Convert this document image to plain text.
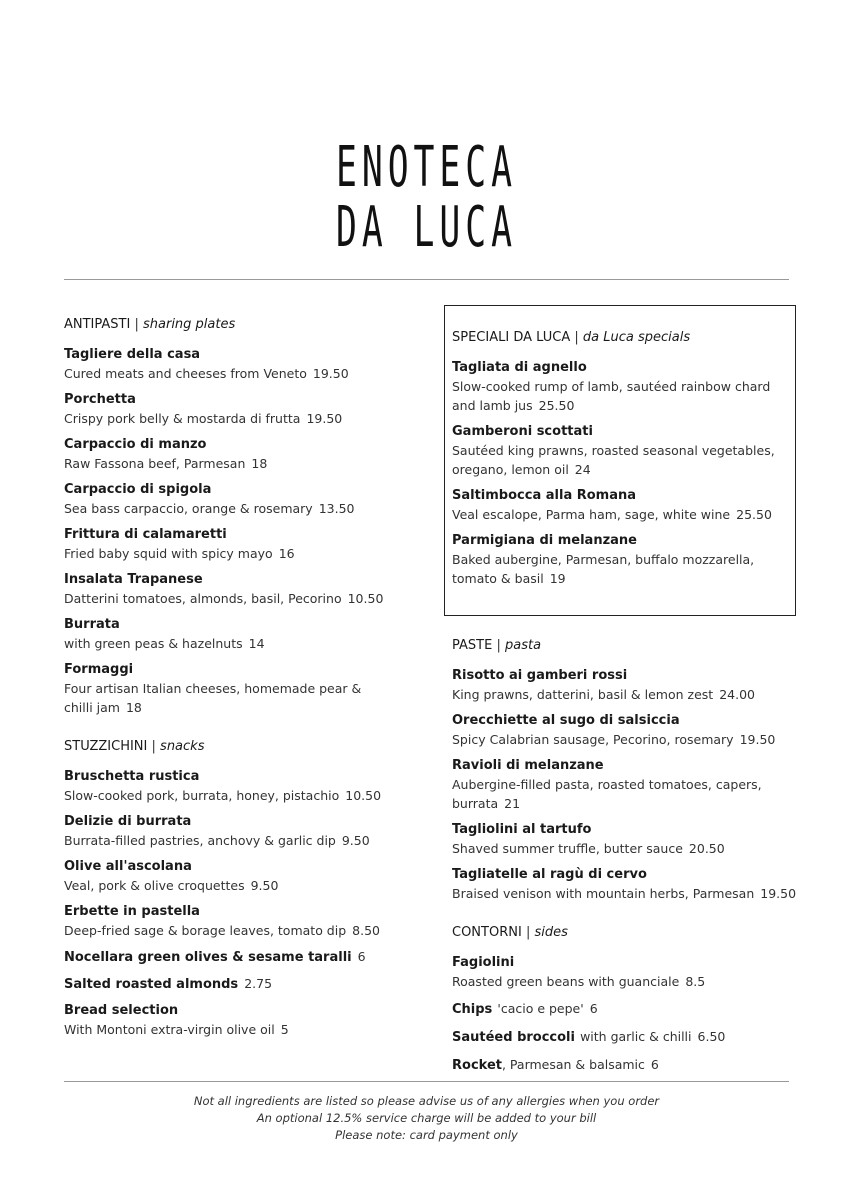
ENOTECA
DA LUCA
ANTIPASTI | sharing plates
Tagliere della casa
Cured meats and cheeses from Veneto 19.50
Porchetta
Crispy pork belly & mostarda di frutta 19.50
Carpaccio di manzo
Raw Fassona beef, Parmesan 18
Carpaccio di spigola
Sea bass carpaccio, orange & rosemary 13.50
Frittura di calamaretti
Fried baby squid with spicy mayo 16
Insalata Trapanese
Datterini tomatoes, almonds, basil, Pecorino 10.50
Burrata
with green peas & hazelnuts 14
Formaggi
Four artisan Italian cheeses, homemade pear & chilli jam 18
STUZZICHINI | snacks
Bruschetta rustica
Slow-cooked pork, burrata, honey, pistachio 10.50
Delizie di burrata
Burrata-filled pastries, anchovy & garlic dip 9.50
Olive all'ascolana
Veal, pork & olive croquettes 9.50
Erbette in pastella
Deep-fried sage & borage leaves, tomato dip 8.50
Nocellara green olives & sesame taralli 6
Salted roasted almonds 2.75
Bread selection
With Montoni extra-virgin olive oil 5
SPECIALI DA LUCA | da Luca specials
Tagliata di agnello
Slow-cooked rump of lamb, sautéed rainbow chard and lamb jus 25.50
Gamberoni scottati
Sautéed king prawns, roasted seasonal vegetables, oregano, lemon oil 24
Saltimbocca alla Romana
Veal escalope, Parma ham, sage, white wine 25.50
Parmigiana di melanzane
Baked aubergine, Parmesan, buffalo mozzarella, tomato & basil 19
PASTE | pasta
Risotto ai gamberi rossi
King prawns, datterini, basil & lemon zest 24.00
Orecchiette al sugo di salsiccia
Spicy Calabrian sausage, Pecorino, rosemary 19.50
Ravioli di melanzane
Aubergine-filled pasta, roasted tomatoes, capers, burrata 21
Tagliolini al tartufo
Shaved summer truffle, butter sauce 20.50
Tagliatelle al ragù di cervo
Braised venison with mountain herbs, Parmesan 19.50
CONTORNI | sides
Fagiolini
Roasted green beans with guanciale 8.5
Chips 'cacio e pepe' 6
Sautéed broccoli with garlic & chilli 6.50
Rocket, Parmesan & balsamic 6
Not all ingredients are listed so please advise us of any allergies when you order
An optional 12.5% service charge will be added to your bill
Please note: card payment only
